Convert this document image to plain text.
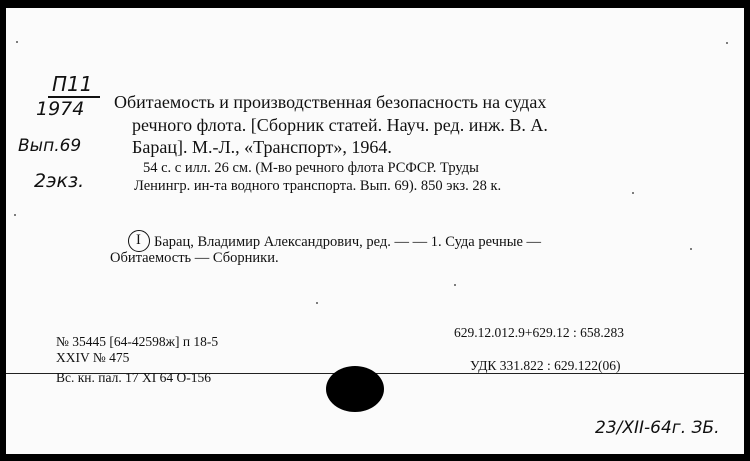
П11
1974
Вып.69
2экз.
23/XII-64г. ЗБ.
Обитаемость и производственная безопасность на судах
речного флота. [Сборник статей. Науч. ред. инж. В. А.
Барац]. М.-Л., «Транспорт», 1964.
54 с. с илл. 26 см. (М-во речного флота РСФСР. Труды
Ленингр. ин-та водного транспорта. Вып. 69). 850 экз. 28 к.
I Барац, Владимир Александрович, ред. — — 1. Суда речные —
Обитаемость — Сборники.
629.12.012.9+629.12 : 658.283
№ 35445 [64-42598ж] п 18-5
XXIV № 475
УДК 331.822 : 629.122(06)
Вс. кн. пал. 17 XI 64 О-156
